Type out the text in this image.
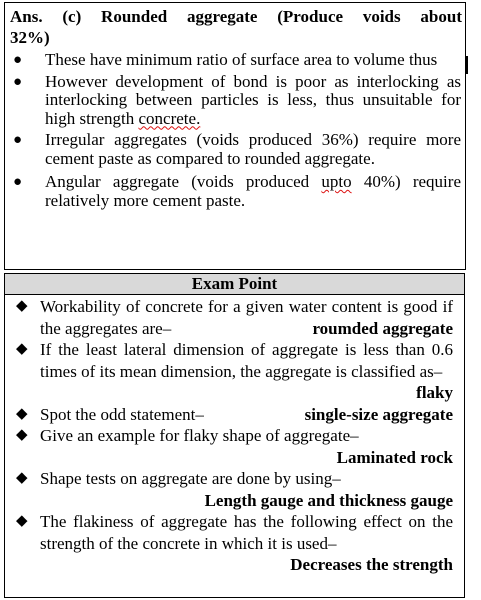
Ans. (c) Rounded aggregate (Produce voids about
32%)
● These have minimum ratio of surface area to volume thus
● However development of bond is poor as interlocking as interlocking between particles is less, thus unsuitable for high strength concrete.
● Irregular aggregates (voids produced 36%) require more cement paste as compared to rounded aggregate.
● Angular aggregate (voids produced upto 40%) require relatively more cement paste.
Exam Point
◆ Workability of concrete for a given water content is good if the aggregates are–	roumded aggregate
◆ If the least lateral dimension of aggregate is less than 0.6 times of its mean dimension, the aggregate is classified as–
flaky
◆ Spot the odd statement–	single-size aggregate
◆ Give an example for flaky shape of aggregate–
Laminated rock
◆ Shape tests on aggregate are done by using–
Length gauge and thickness gauge
◆ The flakiness of aggregate has the following effect on the strength of the concrete in which it is used–
Decreases the strength
